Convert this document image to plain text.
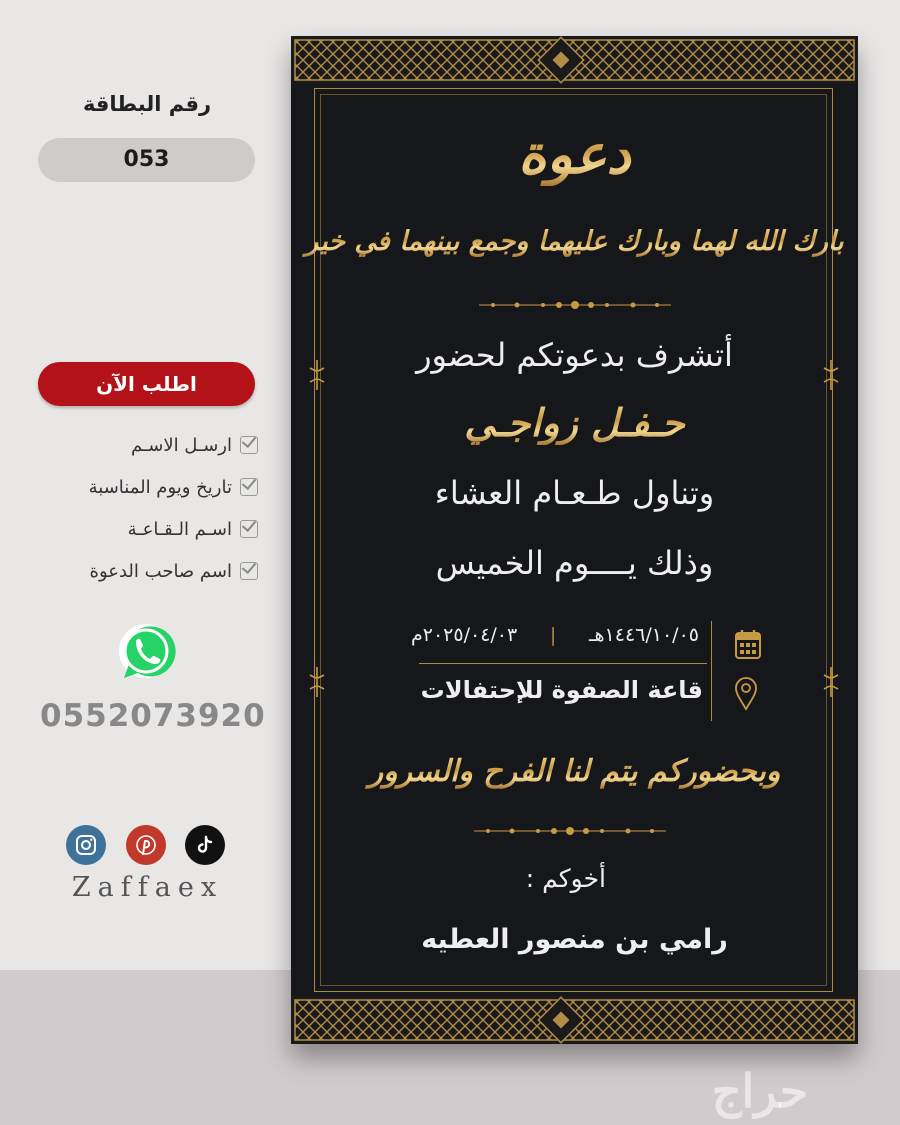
رقم البطاقة
053
اطلب الآن
ارسـل الاسـم
تاريخ ويوم المناسبة
اسـم الـقـاعـة
اسم صاحب الدعوة
0552073920
Zaffaex
دعوة
بارك الله لهما وبارك عليهما وجمع بينهما في خير
أتشرف بدعوتكم لحضور
حـفـل زواجـي
وتناول طـعـام العشاء
وذلك يــــوم الخميس
٢٠٢٥/٠٤/٠٣م | ١٤٤٦/١٠/٠٥هـ
قاعة الصفوة للإحتفالات
وبحضوركم يتم لنا الفرح والسرور
أخوكم :
رامي بن منصور العطيه
حراج
